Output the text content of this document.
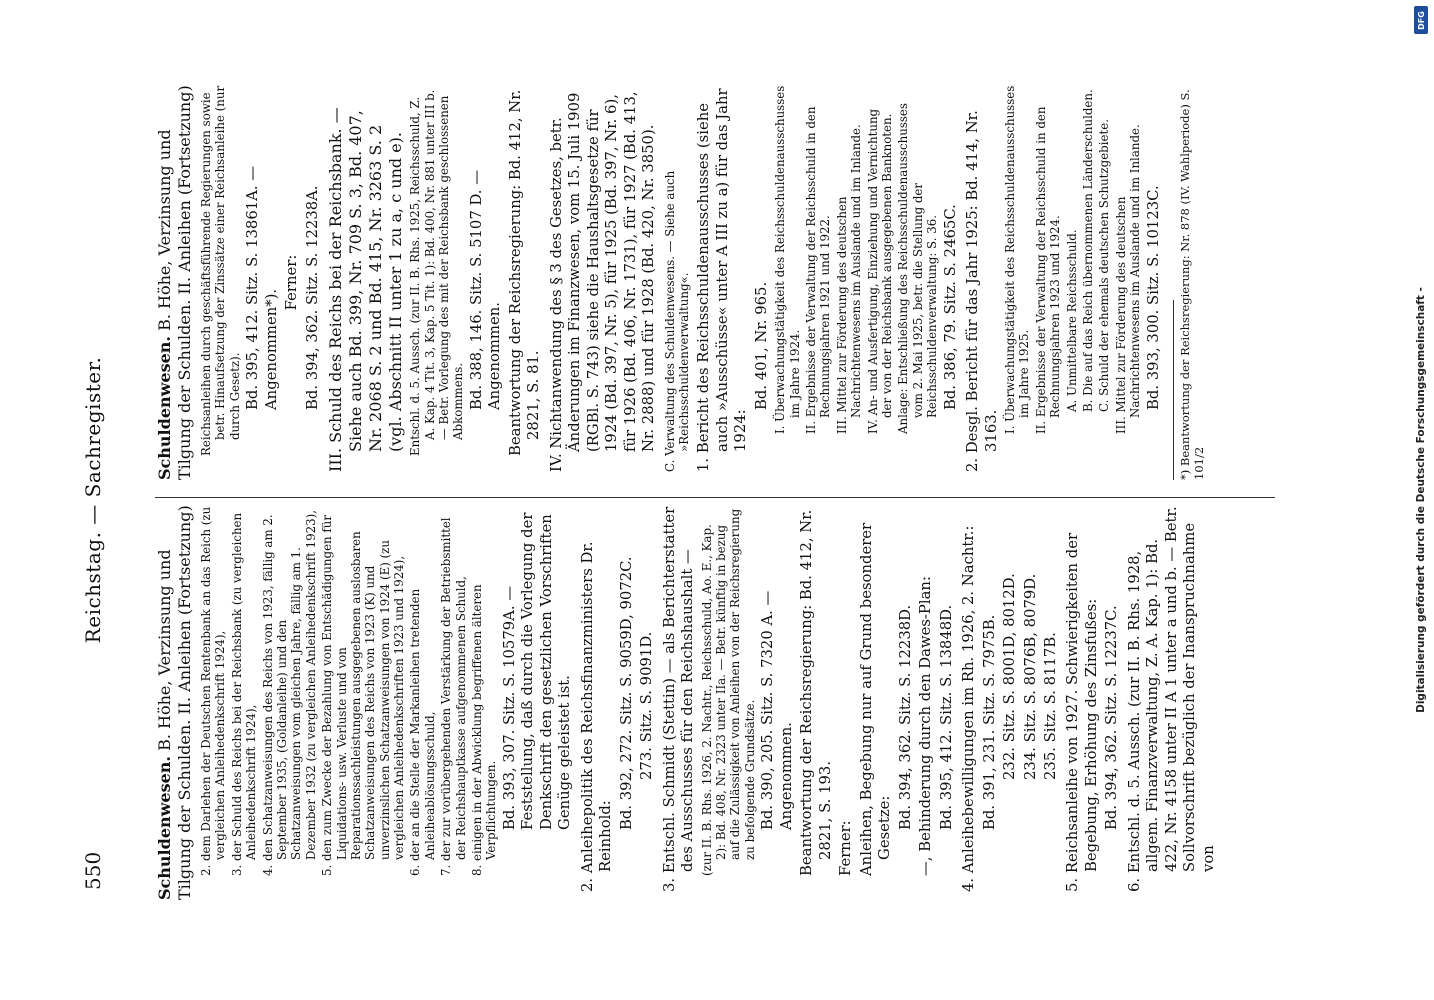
550
Reichstag. — Sachregister.
Schuldenwesen. B. Höhe, Verzinsung und Tilgung der Schulden. II. Anleihen (Fortsetzung) 2. dem Darlehen der Deutschen Rentenbank an das Reich (zu vergleichen Anleihedenkschrift 1924), 3. der Schuld des Reichs bei der Reichsbank (zu vergleichen Anleihedenkschrift 1924), 4. den Schatzanweisungen des Reichs von 1923, fällig am 2. September 1935, (Goldanleihe) und den Schatzanweisungen vom gleichen Jahre, fällig am 1. Dezember 1932 (zu vergleichen Anleihedenkschrift 1923), 5. den zum Zwecke der Bezahlung von Entschädigungen für Liquidations- usw. Verluste und von Reparationssachleistungen ausgegebenen auslosbaren Schatzanweisungen des Reichs von 1923 (K) und unverzinslichen Schatzanweisungen von 1924 (E) (zu vergleichen Anleihedenkschriften 1923 und 1924), 6. der an die Stelle der Markanleihen tretenden Anleiheablösungsschuld, 7. der zur vorübergehenden Verstärkung der Betriebsmittel der Reichshauptkasse aufgenommenen Schuld, 8. einigen in der Abwicklung begriffenen älteren Verpflichtungen. Bd. 393, 307. Sitz. S. 10579A. — Feststellung, daß durch die Vorlegung der Denkschrift den gesetzlichen Vorschriften Genüge geleistet ist. 2. Anleihepolitik des Reichsfinanzministers Dr. Reinhold:
Bd. 392, 272. Sitz. S. 9059D, 9072C. 273. Sitz. S. 9091D. 3. Entschl. Schmidt (Stettin) — als Berichterstatter des Ausschusses für den Reichshaushalt — (zur II. B. Rhs. 1926, 2. Nachtr., Reichsschuld, Ao. E., Kap. 2): Bd. 408, Nr. 2323 unter IIa. — Betr. künftig in bezug auf die Zulässigkeit von Anleihen von der Reichsregierung zu befolgende Grundsätze. Bd. 390, 205. Sitz. S. 7320 A. — Angenommen. Beantwortung der Reichsregierung: Bd. 412, Nr. 2821, S. 193. Ferner: Anleihen, Begebung nur auf Grund besonderer Gesetze: Bd. 394, 362. Sitz. S. 12238D. —, Behinderung durch den Dawes-Plan: Bd. 395, 412. Sitz. S. 13848D. 4. Anleihebewilligungen im Rh. 1926, 2. Nachtr.: Bd. 391, 231. Sitz. S. 7975B. 232. Sitz. S. 8001D, 8012D. 234. Sitz. S. 8076B, 8079D. 235. Sitz. S. 8117B. 5. Reichsanleihe von 1927. Schwierigkeiten der Begebung, Erhöhung des Zinsfußes: Bd. 394, 362. Sitz. S. 12237C. 6. Entschl. d. 5. Aussch. (zur II. B. Rhs. 1928, allgem. Finanzverwaltung, Z. A. Kap. 1): Bd. 422, Nr. 4158 unter II A 1 unter a und b. — Betr. Sollvorschrift bezüglich der Inanspruchnahme von
Schuldenwesen. B. Höhe, Verzinsung und Tilgung der Schulden. II. Anleihen (Fortsetzung) Reichsanleihen durch geschäftsführende Regierungen sowie betr. Hinaufsetzung der Zinssätze einer Reichsanleihe (nur durch Gesetz). Bd. 395, 412. Sitz. S. 13861A. — Angenommen*).
Ferner: Bd. 394, 362. Sitz. S. 12238A. III. Schuld des Reichs bei der Reichsbank. — Siehe auch Bd. 399, Nr. 709 S. 3, Bd. 407, Nr. 2068 S. 2 und Bd. 415, Nr. 3263 S. 2 (vgl. Abschnitt II unter 1 zu a, c und e). Entschl. d. 5. Aussch. (zur II. B. Rhs. 1925, Reichsschuld, Z. A. Kap. 4 Tit. 3, Kap. 5 Tit. 1): Bd. 400, Nr. 881 unter III b. — Betr. Vorlegung des mit der Reichsbank geschlossenen Abkommens. Bd. 388, 146. Sitz. S. 5107 D. — Angenommen. Beantwortung der Reichsregierung: Bd. 412, Nr. 2821, S. 81. IV. Nichtanwendung des § 3 des Gesetzes, betr. Änderungen im Finanzwesen, vom 15. Juli 1909 (RGBl. S. 743) siehe die Haushaltsgesetze für 1924 (Bd. 397, Nr. 5), für 1925 (Bd. 397, Nr. 6), für 1926 (Bd. 406, Nr. 1731), für 1927 (Bd. 413, Nr. 2888) und für 1928 (Bd. 420, Nr. 3850). C. Verwaltung des Schuldenwesens. — Siehe auch »Reichsschuldenverwaltung«. 1. Bericht des Reichsschuldenausschusses (siehe auch »Ausschüsse« unter A III zu a) für das Jahr 1924:
Bd. 401, Nr. 965. I. Überwachungstätigkeit des Reichsschuldenausschusses im Jahre 1924. II. Ergebnisse der Verwaltung der Reichsschuld in den Rechnungsjahren 1921 und 1922. III. Mittel zur Förderung des deutschen Nachrichtenwesens im Auslande und im Inlande. IV. An- und Ausfertigung, Einziehung und Vernichtung der von der Reichsbank ausgegebenen Banknoten. Anlage: Entschließung des Reichsschuldenausschusses vom 2. Mai 1925, betr. die Stellung der Reichsschuldenverwaltung: S. 36. Bd. 386, 79. Sitz. S. 2465C. 2. Desgl. Bericht für das Jahr 1925: Bd. 414, Nr. 3163. I. Überwachungstätigkeit des Reichsschuldenausschusses im Jahre 1925. II. Ergebnisse der Verwaltung der Reichsschuld in den Rechnungsjahren 1923 und 1924. A. Unmittelbare Reichsschuld. B. Die auf das Reich übernommenen Länderschulden. C. Schuld der ehemals deutschen Schutzgebiete. III. Mittel zur Förderung des deutschen Nachrichtenwesens im Auslande und im Inlande. Bd. 393, 300. Sitz. S. 10123C. *) Beantwortung der Reichsregierung: Nr. 878 (IV. Wahlperiode) S. 101/2	Digitalisierung gefördert durch die Deutsche Forschungsgemeinschaft -
DFG
